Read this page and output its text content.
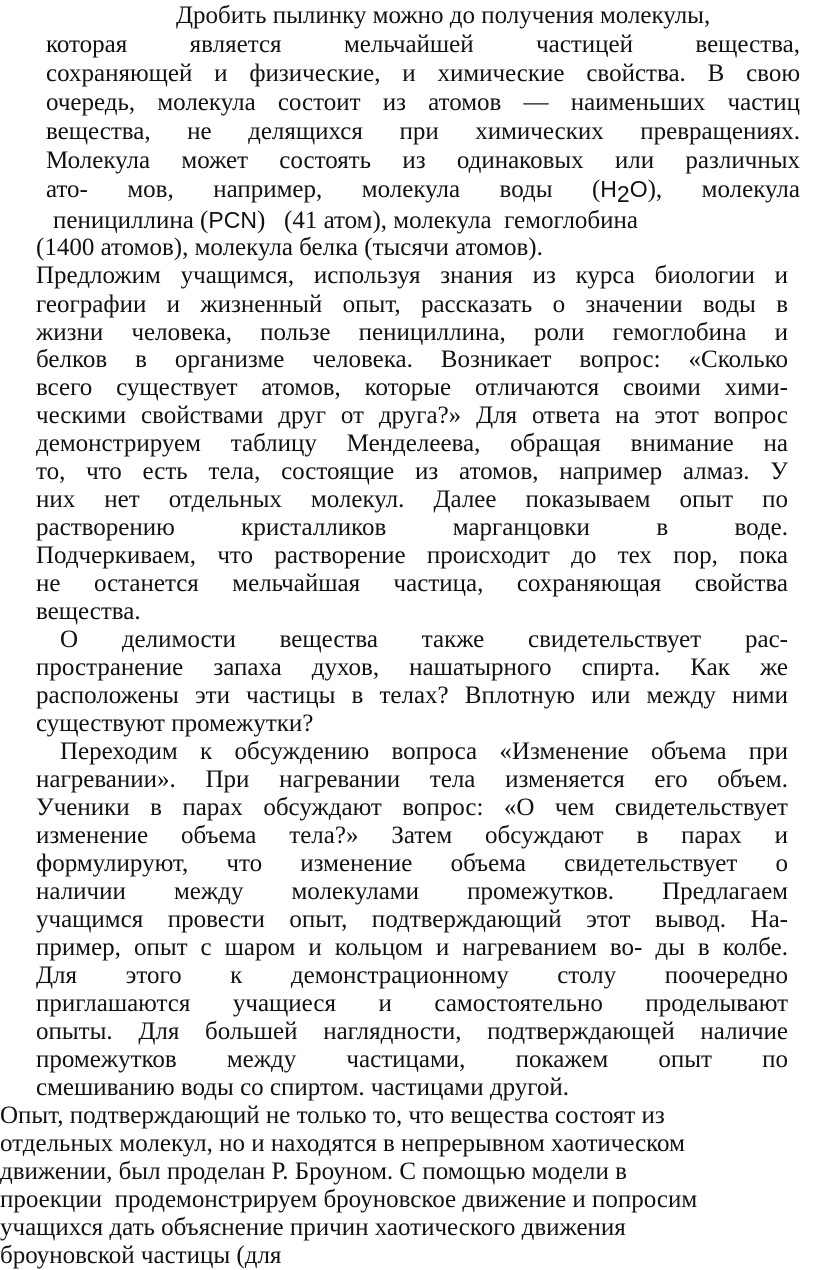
Дробить пылинку можно до получения молекулы,
которая является мельчайшей частицей вещества,
сохраняющей и физические, и химические свойства. В свою
очередь, молекула состоит из атомов — наименьших частиц
вещества, не делящихся при химических превращениях.
Молекула может состоять из одинаковых или различных
ато- мов, например, молекула воды (H2O), молекула
пенициллина (PCN)   (41 атом), молекула  гемоглобина
(1400 атомов), молекула белка (тысячи атомов).
Предложим учащимся, используя знания из курса биологии и
географии и жизненный опыт, рассказать о значении воды в
жизни человека, пользе пенициллина, роли гемоглобина и
белков в организме человека. Возникает вопрос: «Сколько
всего существует атомов, которые отличаются своими хими-
ческими свойствами друг от друга?» Для ответа на этот вопрос
демонстрируем таблицу Менделеева, обращая внимание на
то, что есть тела, состоящие из атомов, например алмаз. У
них нет отдельных молекул. Далее показываем опыт по
растворению кристалликов марганцовки в воде.
Подчеркиваем, что растворение происходит до тех пор, пока
не останется мельчайшая частица, сохраняющая свойства
вещества.
О делимости вещества также свидетельствует рас-
пространение запаха духов, нашатырного спирта. Как же
расположены эти частицы в телах? Вплотную или между ними
существуют промежутки?
Переходим к обсуждению вопроса «Изменение объема при
нагревании». При нагревании тела изменяется его объем.
Ученики в парах обсуждают вопрос: «О чем свидетельствует
изменение объема тела?» Затем обсуждают в парах и
формулируют, что изменение объема свидетельствует о
наличии между молекулами промежутков. Предлагаем
учащимся провести опыт, подтверждающий этот вывод. На-
пример, опыт с шаром и кольцом и нагреванием во- ды в колбе.
Для этого к демонстрационному столу поочередно
приглашаются учащиеся и самостоятельно проделывают
опыты. Для большей наглядности, подтверждающей наличие
промежутков между частицами, покажем опыт по
смешиванию воды со спиртом. частицами другой.
Опыт, подтверждающий не только то, что вещества состоят из
отдельных молекул, но и находятся в непрерывном хаотическом
движении, был проделан Р. Броуном. С помощью модели в
проекции  продемонстрируем броуновское движение и попросим
учащихся дать объяснение причин хаотического движения
броуновской частицы (для
